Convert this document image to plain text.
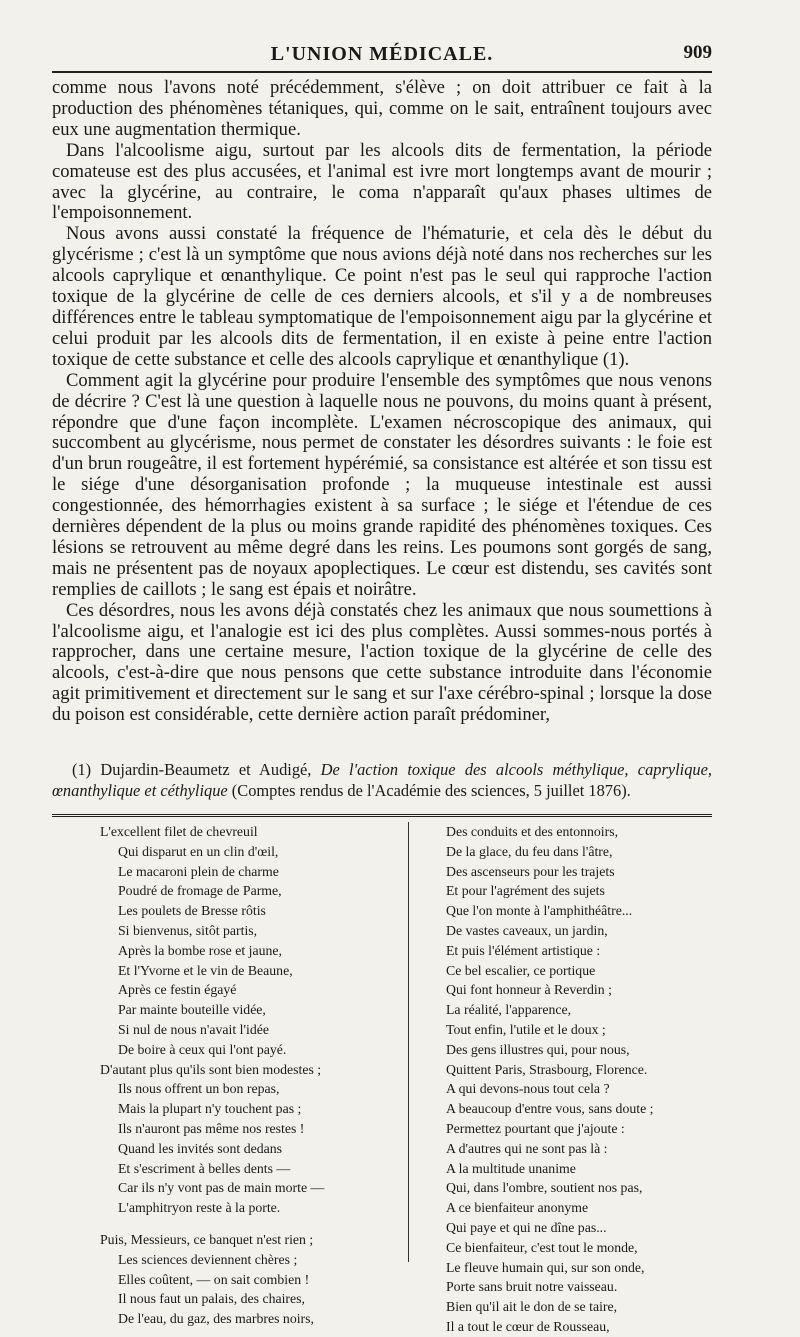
L'UNION MÉDICALE.	909

comme nous l'avons noté précédemment, s'élève ; on doit attribuer ce fait à la production des phénomènes tétaniques, qui, comme on le sait, entraînent toujours avec eux une augmentation thermique.

Dans l'alcoolisme aigu, surtout par les alcools dits de fermentation, la période comateuse est des plus accusées, et l'animal est ivre mort longtemps avant de mourir ; avec la glycérine, au contraire, le coma n'apparaît qu'aux phases ultimes de l'empoisonnement.

Nous avons aussi constaté la fréquence de l'hématurie, et cela dès le début du glycérisme ; c'est là un symptôme que nous avions déjà noté dans nos recherches sur les alcools caprylique et œnanthylique. Ce point n'est pas le seul qui rapproche l'action toxique de la glycérine de celle de ces derniers alcools, et s'il y a de nombreuses différences entre le tableau symptomatique de l'empoisonnement aigu par la glycérine et celui produit par les alcools dits de fermentation, il en existe à peine entre l'action toxique de cette substance et celle des alcools caprylique et œnanthylique (1).

Comment agit la glycérine pour produire l'ensemble des symptômes que nous venons de décrire ? C'est là une question à laquelle nous ne pouvons, du moins quant à présent, répondre que d'une façon incomplète. L'examen nécroscopique des animaux, qui succombent au glycérisme, nous permet de constater les désordres suivants : le foie est d'un brun rougeâtre, il est fortement hypérémié, sa consistance est altérée et son tissu est le siége d'une désorganisation profonde ; la muqueuse intestinale est aussi congestionnée, des hémorrhagies existent à sa surface ; le siége et l'étendue de ces dernières dépendent de la plus ou moins grande rapidité des phénomènes toxiques. Ces lésions se retrouvent au même degré dans les reins. Les poumons sont gorgés de sang, mais ne présentent pas de noyaux apoplectiques. Le cœur est distendu, ses cavités sont remplies de caillots ; le sang est épais et noirâtre.

Ces désordres, nous les avons déjà constatés chez les animaux que nous soumettions à l'alcoolisme aigu, et l'analogie est ici des plus complètes. Aussi sommes-nous portés à rapprocher, dans une certaine mesure, l'action toxique de la glycérine de celle des alcools, c'est-à-dire que nous pensons que cette substance introduite dans l'économie agit primitivement et directement sur le sang et sur l'axe cérébro-spinal ; lorsque la dose du poison est considérable, cette dernière action paraît prédominer,

(1) Dujardin-Beaumetz et Audigé, De l'action toxique des alcools méthylique, caprylique, œnanthylique et céthylique (Comptes rendus de l'Académie des sciences, 5 juillet 1876).

L'excellent filet de chevreuil
Qui disparut en un clin d'œil,
Le macaroni plein de charme
Poudré de fromage de Parme,
Les poulets de Bresse rôtis
Si bienvenus, sitôt partis,
Après la bombe rose et jaune,
Et l'Yvorne et le vin de Beaune,
Après ce festin égayé
Par mainte bouteille vidée,
Si nul de nous n'avait l'idée
De boire à ceux qui l'ont payé.
D'autant plus qu'ils sont bien modestes ;
Ils nous offrent un bon repas,
Mais la plupart n'y touchent pas ;
Ils n'auront pas même nos restes !
Quand les invités sont dedans
Et s'escriment à belles dents —
Car ils n'y vont pas de main morte —
L'amphitryon reste à la porte.
Puis, Messieurs, ce banquet n'est rien ;
Les sciences deviennent chères ;
Elles coûtent, — on sait combien !
Il nous faut un palais, des chaires,
De l'eau, du gaz, des marbres noirs,
Des conduits et des entonnoirs,
De la glace, du feu dans l'âtre,
Des ascenseurs pour les trajets
Et pour l'agrément des sujets
Que l'on monte à l'amphithéâtre...
De vastes caveaux, un jardin,
Et puis l'élément artistique :
Ce bel escalier, ce portique
Qui font honneur à Reverdin ;
La réalité, l'apparence,
Tout enfin, l'utile et le doux ;
Des gens illustres qui, pour nous,
Quittent Paris, Strasbourg, Florence.
A qui devons-nous tout cela ?
A beaucoup d'entre vous, sans doute ;
Permettez pourtant que j'ajoute :
A d'autres qui ne sont pas là :
A la multitude unanime
Qui, dans l'ombre, soutient nos pas,
A ce bienfaiteur anonyme
Qui paye et qui ne dîne pas...
Ce bienfaiteur, c'est tout le monde,
Le fleuve humain qui, sur son onde,
Porte sans bruit notre vaisseau.
Bien qu'il ait le don de se taire,
Il a tout le cœur de Rousseau,
